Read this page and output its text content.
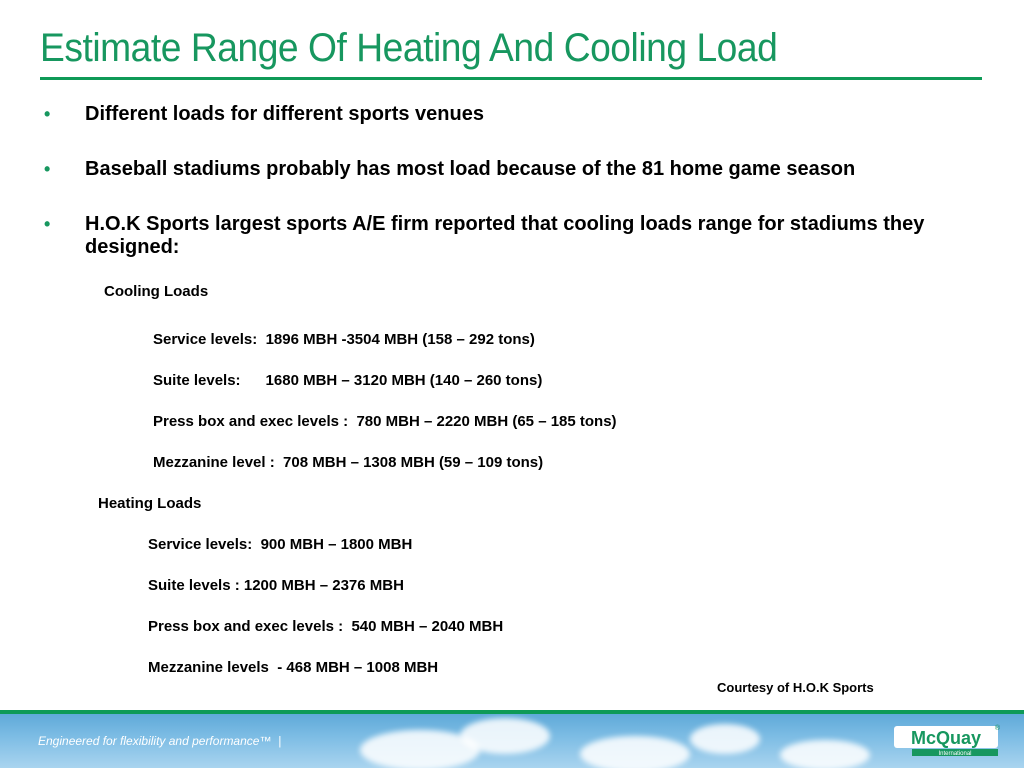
Estimate Range Of Heating And Cooling Load
• Different loads for different sports venues
• Baseball stadiums probably has most load because of the 81 home game season
• H.O.K Sports largest sports A/E firm reported that cooling loads range for stadiums they designed:
Cooling Loads
Service levels:  1896 MBH -3504 MBH (158 – 292 tons)
Suite levels:      1680 MBH – 3120 MBH (140 – 260 tons)
Press box and exec levels :  780 MBH – 2220 MBH (65 – 185 tons)
Mezzanine level :  708 MBH – 1308 MBH (59 – 109 tons)
Heating Loads
Service levels:  900 MBH – 1800 MBH
Suite levels : 1200 MBH – 2376 MBH
Press box and exec levels :  540 MBH – 2040 MBH
Mezzanine levels  - 468 MBH – 1008 MBH
Courtesy of H.O.K Sports
Engineered for flexibility and performance™  |	McQuay ®
International
